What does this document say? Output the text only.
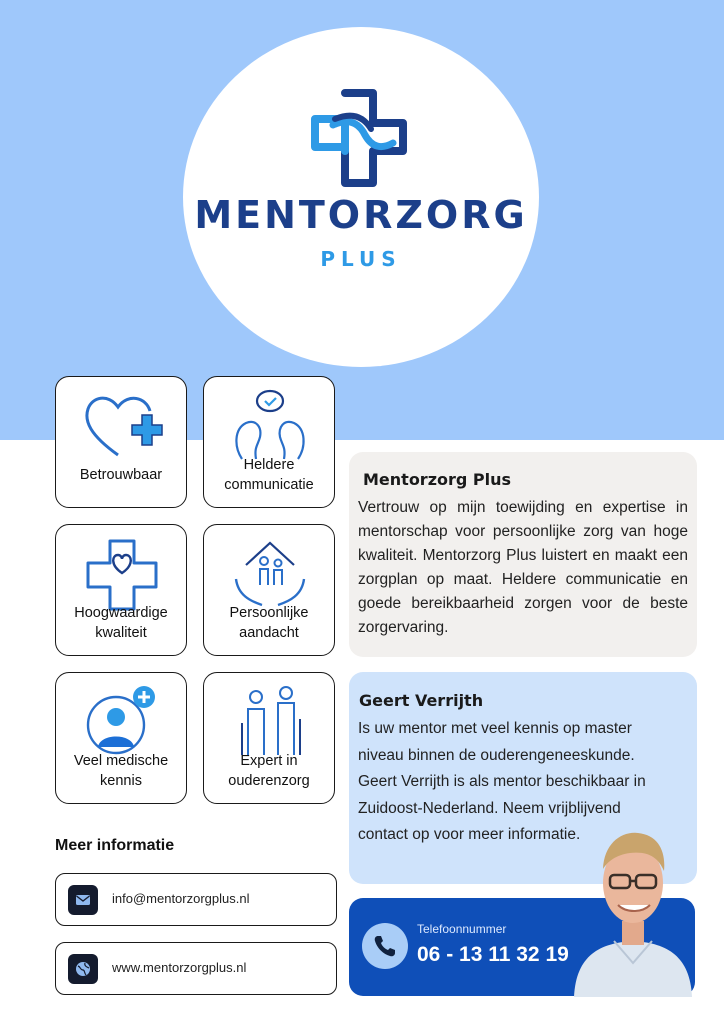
MENTORZORG
PLUS
Betrouwbaar
Heldere communicatie
Hoogwaardige kwaliteit
Persoonlijke aandacht
Veel medische kennis
Expert in ouderenzorg
Meer informatie
info@mentorzorgplus.nl
www.mentorzorgplus.nl
Mentorzorg Plus
Vertrouw op mijn toewijding en expertise in mentorschap voor persoonlijke zorg van hoge kwaliteit. Mentorzorg Plus luistert en maakt een zorgplan op maat. Heldere communicatie en goede bereikbaarheid zorgen voor de beste zorgervaring.
Geert Verrijth
Is uw mentor met veel kennis op master niveau binnen de ouderengeneeskunde. Geert Verrijth is als mentor beschikbaar in Zuidoost-Nederland. Neem vrijblijvend contact op voor meer informatie.
Telefoonnummer
06 - 13 11 32 19
